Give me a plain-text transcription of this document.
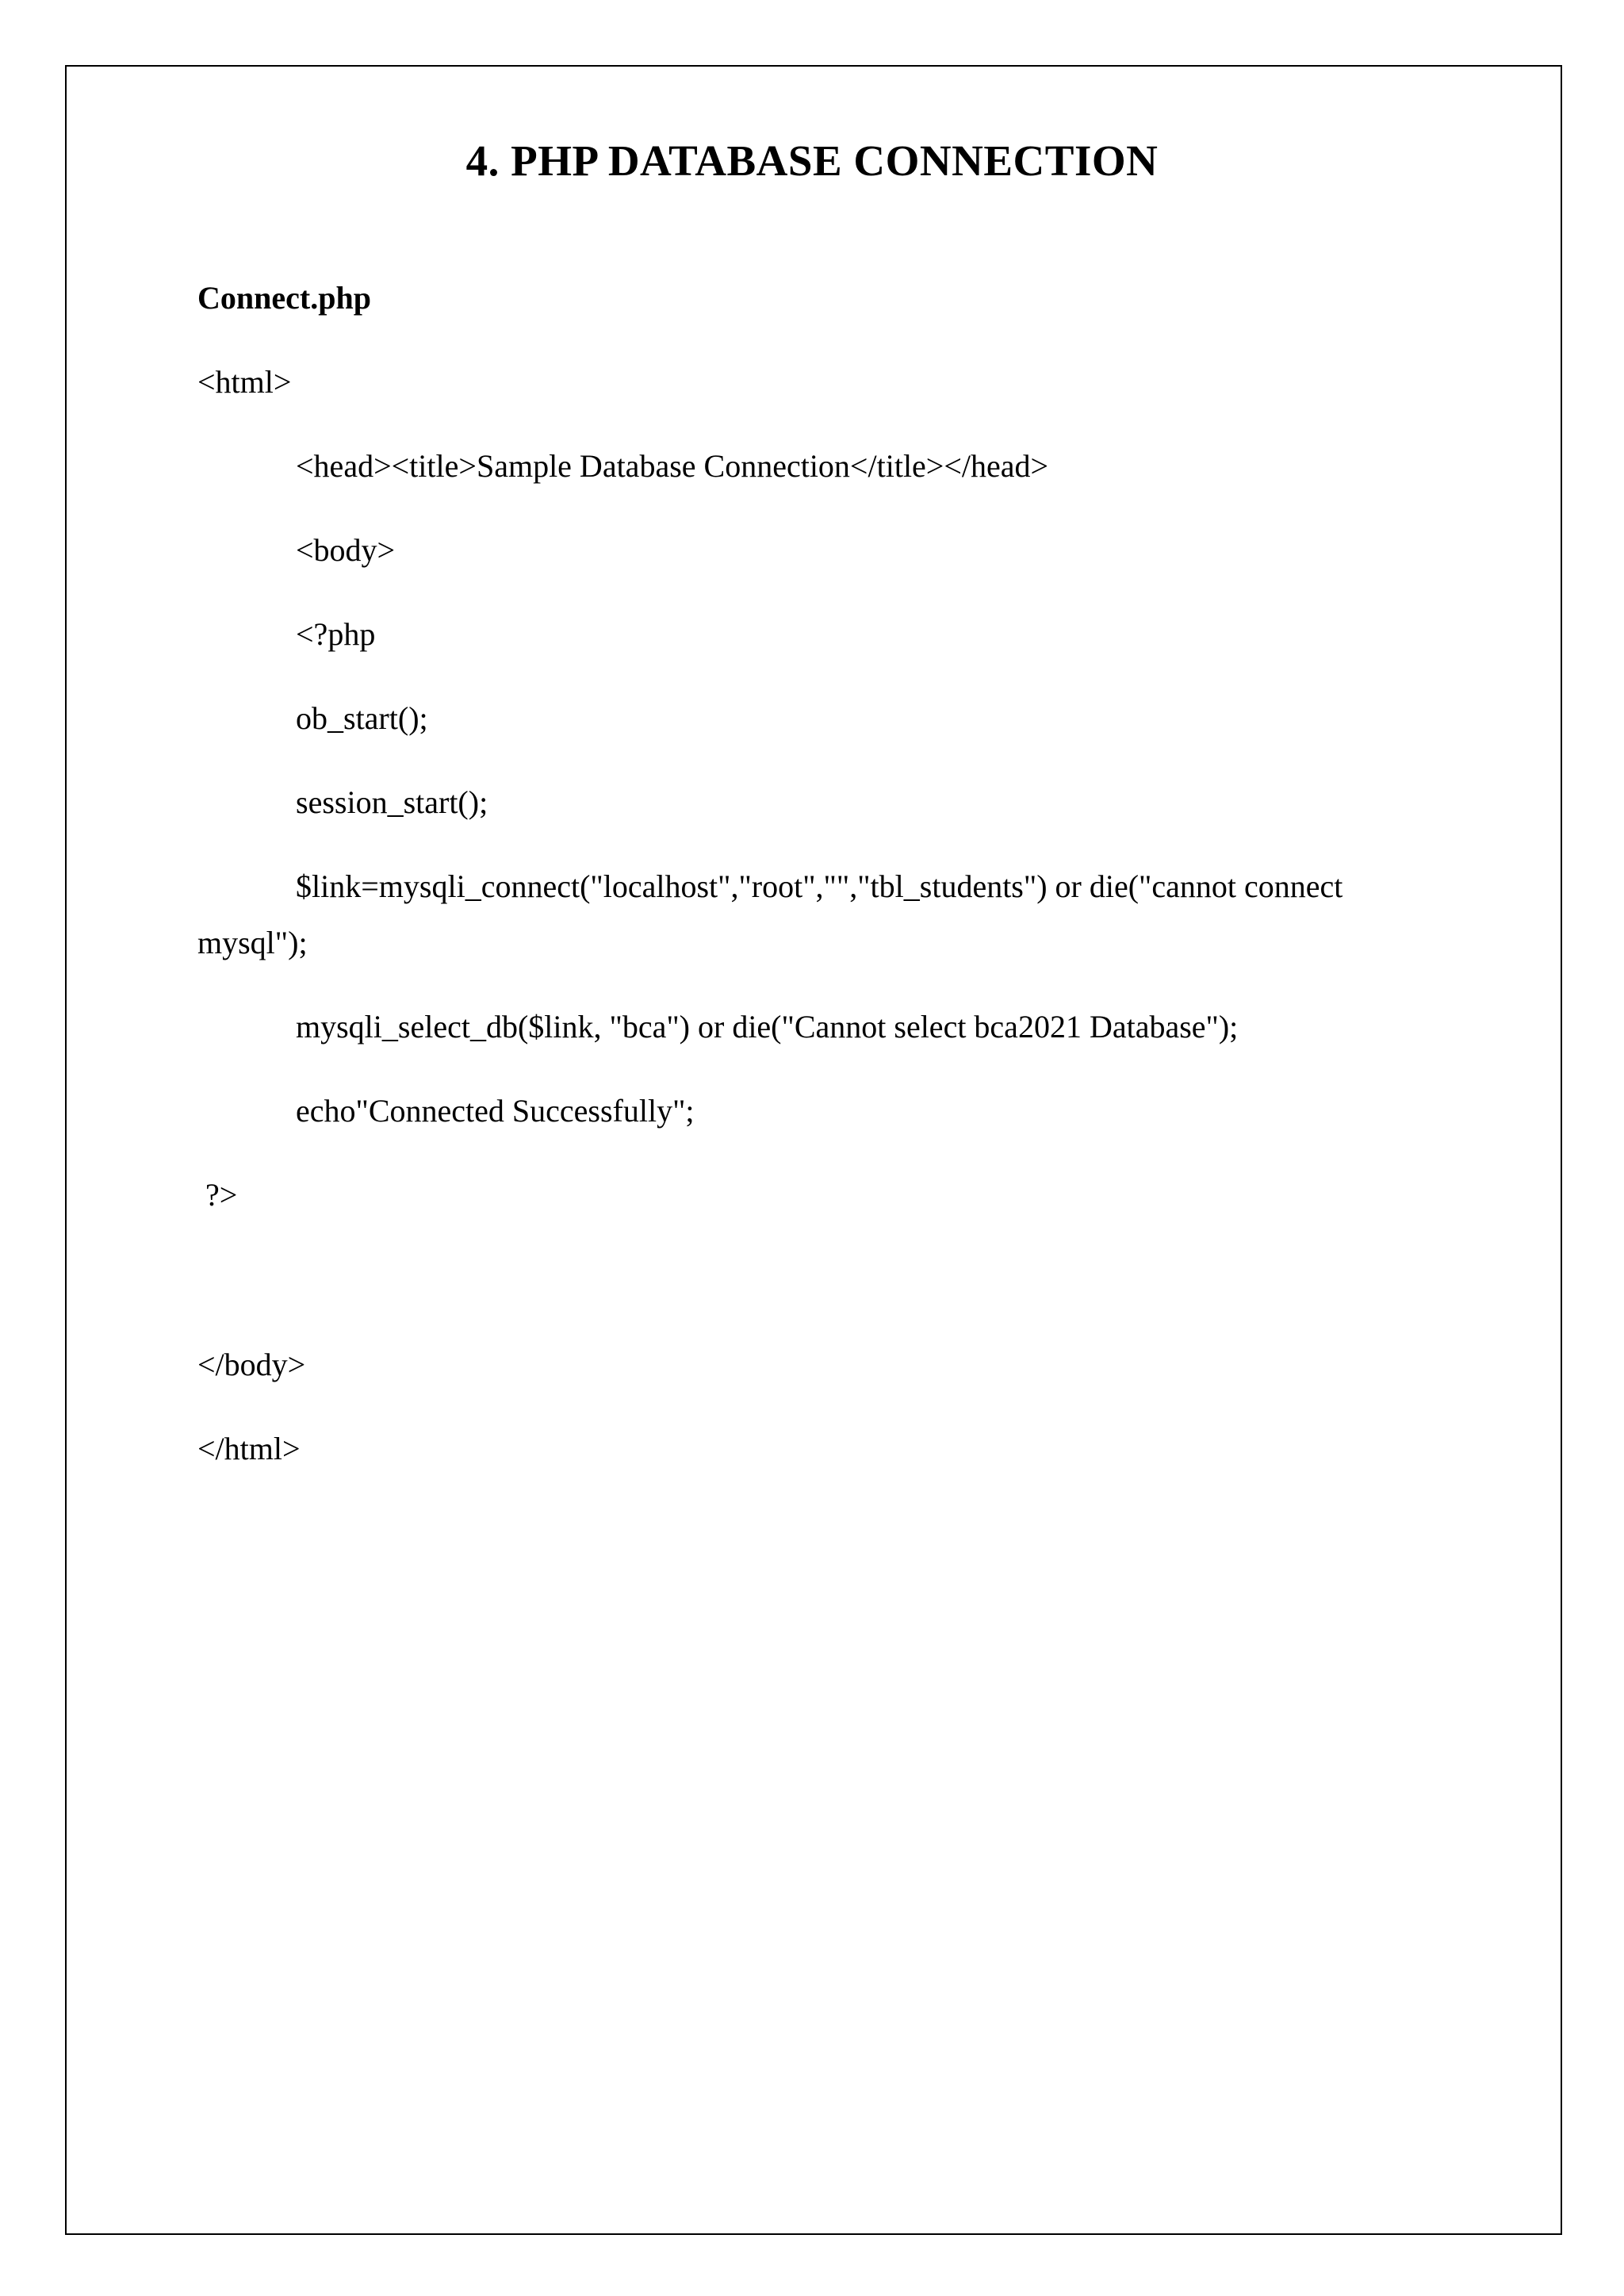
4. PHP DATABASE CONNECTION
Connect.php
<html>
<head><title>Sample Database Connection</title></head>
<body>
<?php
ob_start();
session_start();
$link=mysqli_connect("localhost","root","","tbl_students") or die("cannot connect
mysql");
mysqli_select_db($link, "bca") or die("Cannot select bca2021 Database");
echo"Connected Successfully";
?>
</body>
</html>
